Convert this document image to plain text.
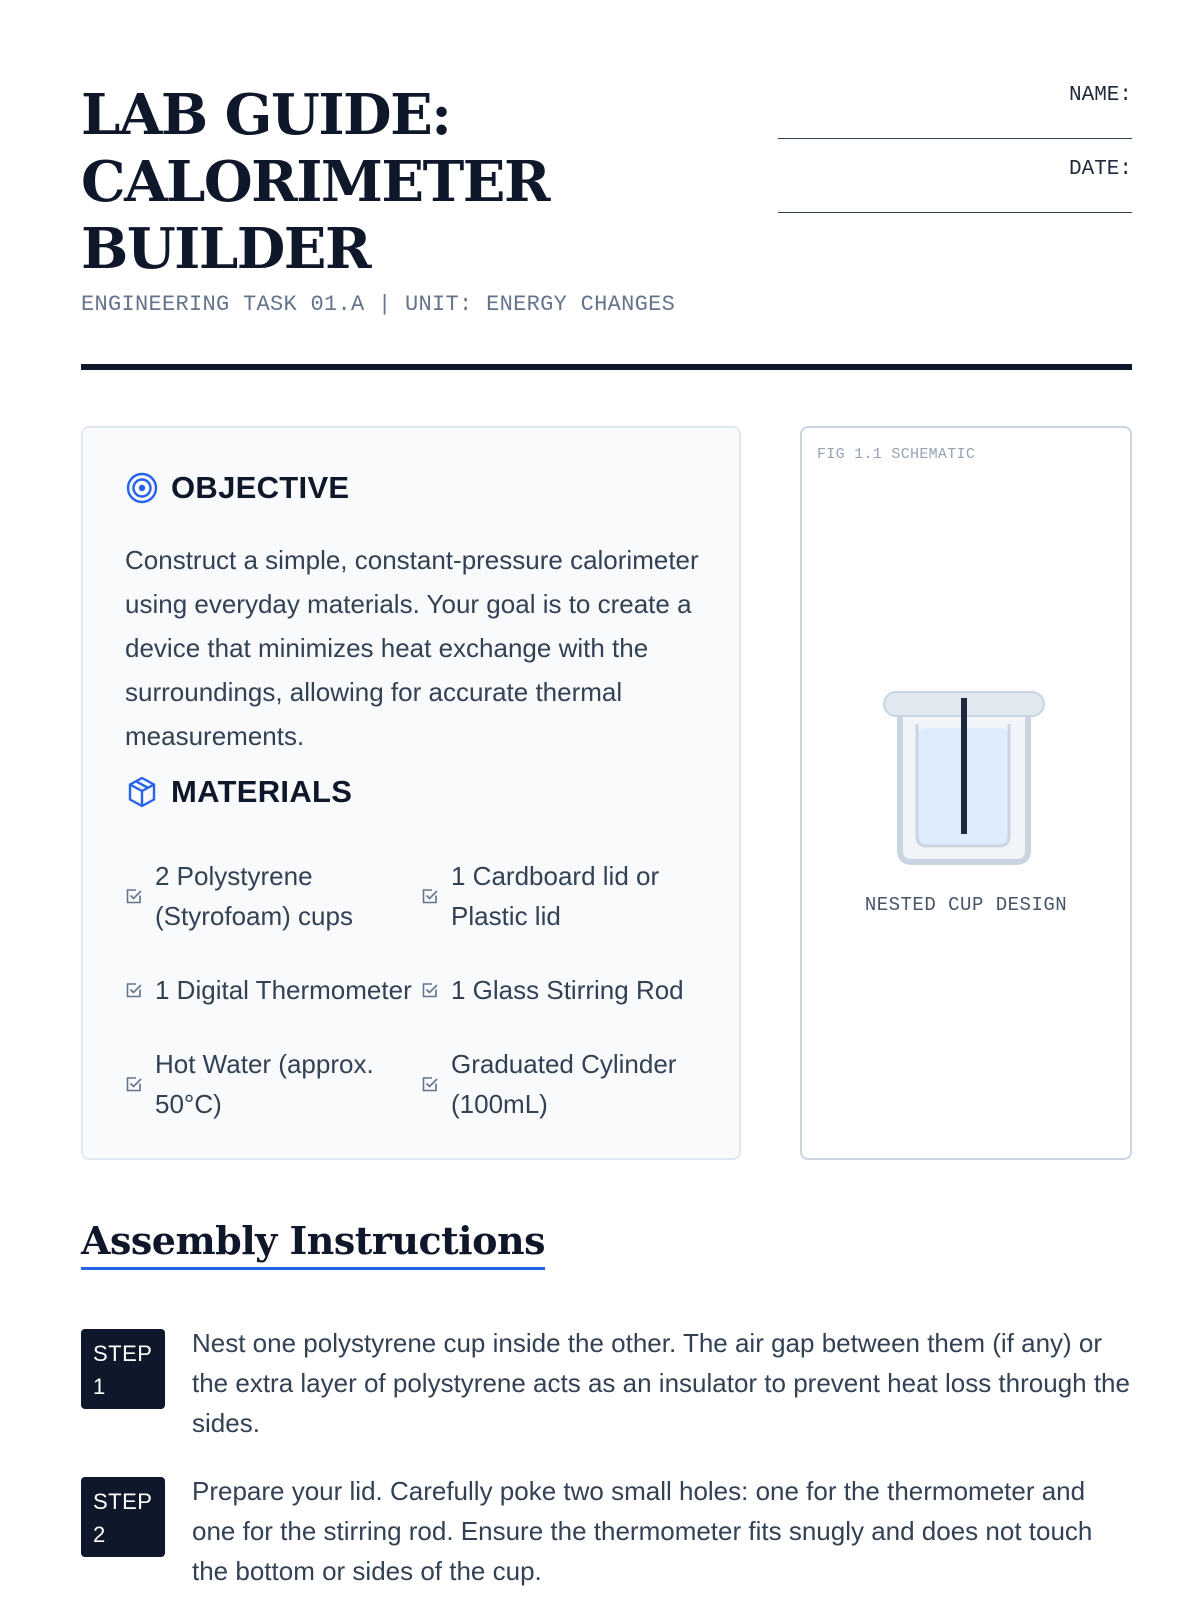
LAB GUIDE: CALORIMETER BUILDER
ENGINEERING TASK 01.A | UNIT: ENERGY CHANGES
NAME:
DATE:
OBJECTIVE

Construct a simple, constant-pressure calorimeter using everyday materials. Your goal is to create a device that minimizes heat exchange with the surroundings, allowing for accurate thermal measurements.

MATERIALS
2 Polystyrene (Styrofoam) cups
1 Cardboard lid or Plastic lid
1 Digital Thermometer 1 Glass Stirring Rod
Hot Water (approx. 50°C)
Graduated Cylinder (100mL)
FIG 1.1 SCHEMATIC
NESTED CUP DESIGN
Assembly Instructions
STEP 1

Nest one polystyrene cup inside the other. The air gap between them (if any) or the extra layer of polystyrene acts as an insulator to prevent heat loss through the sides.

STEP 2

Prepare your lid. Carefully poke two small holes: one for the thermometer and one for the stirring rod. Ensure the thermometer fits snugly and does not touch the bottom or sides of the cup.
